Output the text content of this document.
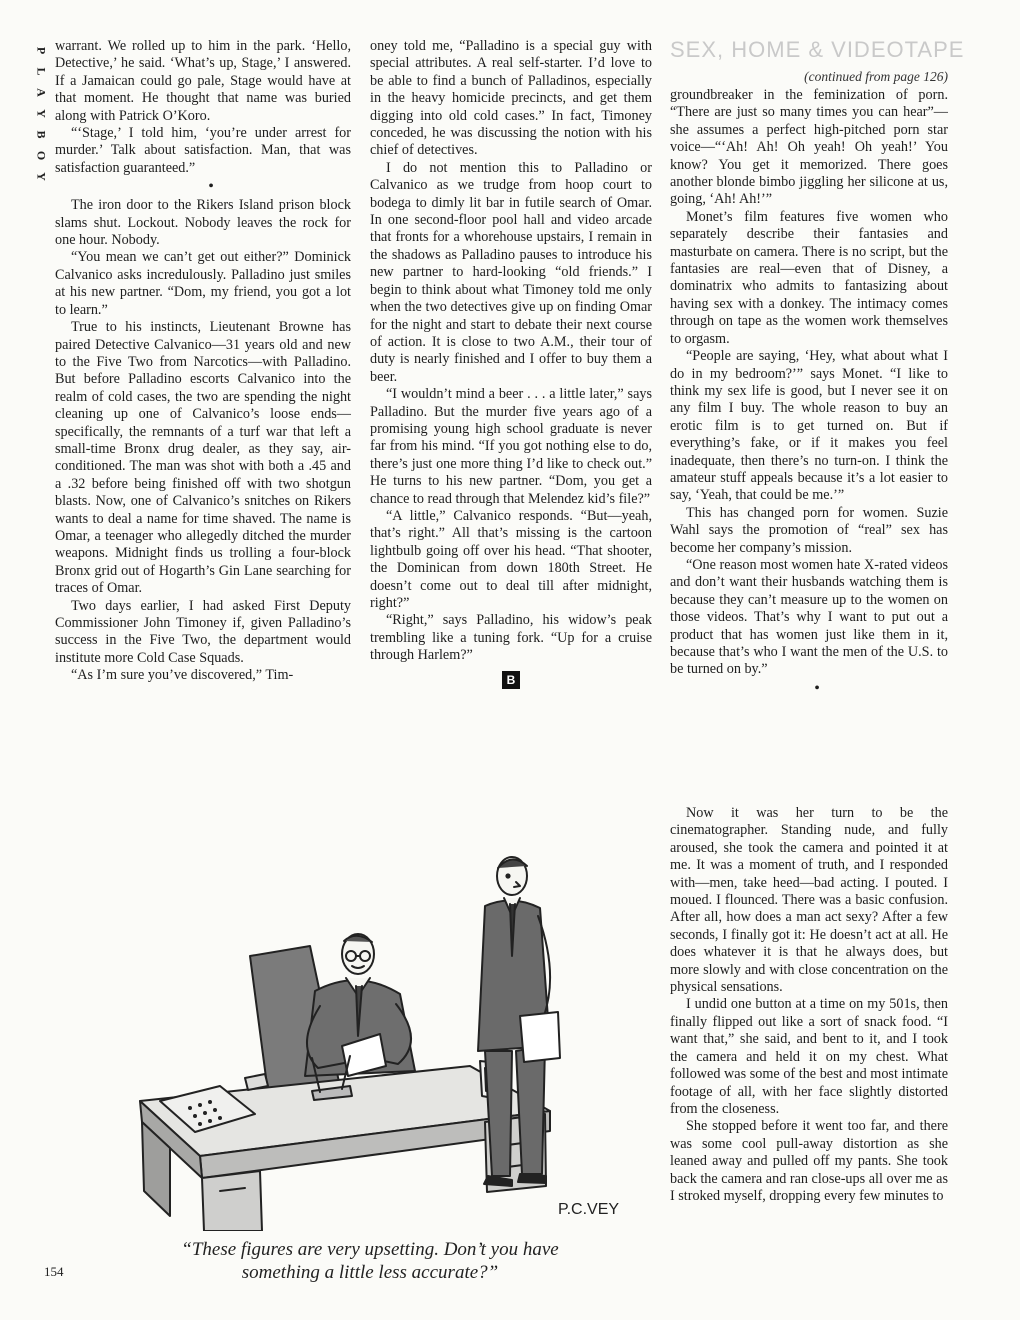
P
L
A
Y
B
O
Y

warrant. We rolled up to him in the park. ‘Hello, Detective,’ he said. ‘What’s up, Stage,’ I answered. If a Jamaican could go pale, Stage would have at that moment. He thought that name was buried along with Patrick O’Koro.

“‘Stage,’ I told him, ‘you’re under arrest for murder.’ Talk about satisfaction. Man, that was satisfaction guaranteed.”

•

The iron door to the Rikers Island prison block slams shut. Lockout. Nobody leaves the rock for one hour. Nobody.

“You mean we can’t get out either?” Dominick Calvanico asks incredulously. Palladino just smiles at his new partner. “Dom, my friend, you got a lot to learn.”

True to his instincts, Lieutenant Browne has paired Detective Calvanico—31 years old and new to the Five Two from Narcotics—with Palladino. But before Palladino escorts Calvanico into the realm of cold cases, the two are spending the night cleaning up one of Calvanico’s loose ends—specifically, the remnants of a turf war that left a small-time Bronx drug dealer, as they say, air-conditioned. The man was shot with both a .45 and a .32 before being finished off with two shotgun blasts. Now, one of Calvanico’s snitches on Rikers wants to deal a name for time shaved. The name is Omar, a teenager who allegedly ditched the murder weapons. Midnight finds us trolling a four-block Bronx grid out of Hogarth’s Gin Lane searching for traces of Omar.

Two days earlier, I had asked First Deputy Commissioner John Timoney if, given Palladino’s success in the Five Two, the department would institute more Cold Case Squads.

“As I’m sure you’ve discovered,” Tim-

oney told me, “Palladino is a special guy with special attributes. A real self-starter. I’d love to be able to find a bunch of Palladinos, especially in the heavy homicide precincts, and get them digging into old cold cases.” In fact, Timoney conceded, he was discussing the notion with his chief of detectives.

I do not mention this to Palladino or Calvanico as we trudge from hoop court to bodega to dimly lit bar in futile search of Omar. In one second-floor pool hall and video arcade that fronts for a whorehouse upstairs, I remain in the shadows as Palladino pauses to introduce his new partner to hard-looking “old friends.” I begin to think about what Timoney told me only when the two detectives give up on finding Omar for the night and start to debate their next course of action. It is close to two A.M., their tour of duty is nearly finished and I offer to buy them a beer.

“I wouldn’t mind a beer . . . a little later,” says Palladino. But the murder five years ago of a promising young high school graduate is never far from his mind. “If you got nothing else to do, there’s just one more thing I’d like to check out.” He turns to his new partner. “Dom, you get a chance to read through that Melendez kid’s file?”

“A little,” Calvanico responds. “But—yeah, that’s right.” All that’s missing is the cartoon lightbulb going off over his head. “That shooter, the Dominican from down 180th Street. He doesn’t come out to deal till after midnight, right?”

“Right,” says Palladino, his widow’s peak trembling like a tuning fork. “Up for a cruise through Harlem?”

B
SEX, HOME & VIDEOTAPE
(continued from page 126)

groundbreaker in the feminization of porn. “There are just so many times you can hear”—she assumes a perfect high-pitched porn star voice—“‘Ah! Ah! Oh yeah! Oh yeah!’ You know? You get it memorized. There goes another blonde bimbo jiggling her silicone at us, going, ‘Ah! Ah!’”

Monet’s film features five women who separately describe their fantasies and masturbate on camera. There is no script, but the fantasies are real—even that of Disney, a dominatrix who admits to fantasizing about having sex with a donkey. The intimacy comes through on tape as the women work themselves to orgasm.

“People are saying, ‘Hey, what about what I do in my bedroom?’” says Monet. “I like to think my sex life is good, but I never see it on any film I buy. The whole reason to buy an erotic film is to get turned on. But if everything’s fake, or if it makes you feel inadequate, then there’s no turn-on. I think the amateur stuff appeals because it’s a lot easier to say, ‘Yeah, that could be me.’”

This has changed porn for women. Suzie Wahl says the promotion of “real” sex has become her company’s mission.

“One reason most women hate X-rated videos and don’t want their husbands watching them is because they can’t measure up to the women on those videos. That’s why I want to put out a product that has women just like them in it, because that’s who I want the men of the U.S. to be turned on by.”

•

Now it was her turn to be the cinematographer. Standing nude, and fully aroused, she took the camera and pointed it at me. It was a moment of truth, and I responded with—men, take heed—bad acting. I pouted. I moued. I flounced. There was a basic confusion. After all, how does a man act sexy? After a few seconds, I finally got it: He doesn’t act at all. He does whatever it is that he always does, but more slowly and with close concentration on the physical sensations.

I undid one button at a time on my 501s, then finally flipped out like a sort of snack food. “I want that,” she said, and bent to it, and I took the camera and held it on my chest. What followed was some of the best and most intimate footage of all, with her face slightly distorted from the closeness.

She stopped before it went too far, and there was some cool pull-away distortion as she leaned away and pulled off my pants. She took back the camera and ran close-ups all over me as I stroked myself, dropping every few minutes to

P.C.VEY
“These figures are very upsetting. Don’t you have something a little less accurate?”
154
